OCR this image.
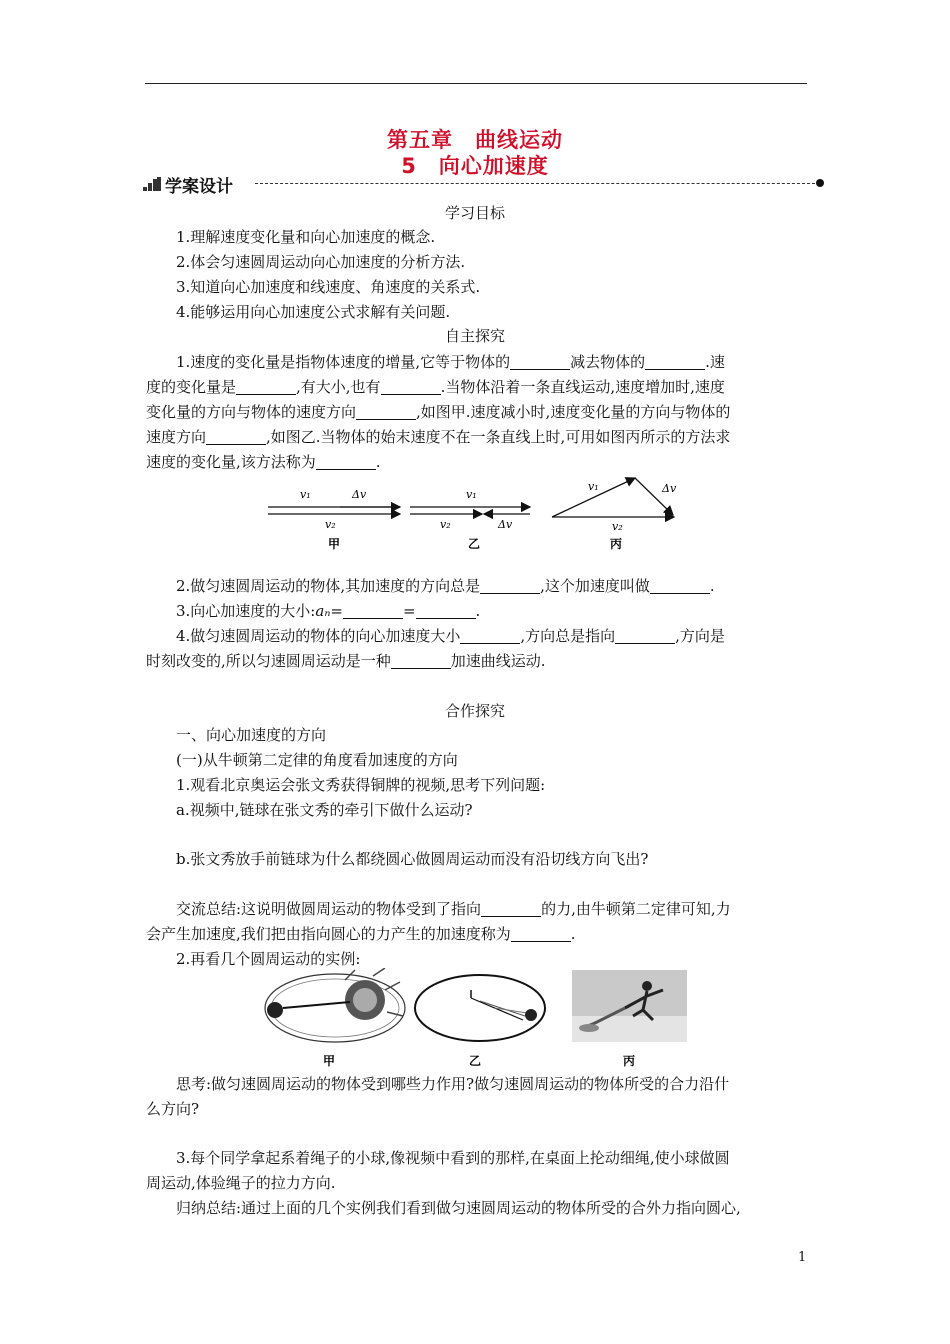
第五章　曲线运动
5　向心加速度
学案设计
学习目标
1.理解速度变化量和向心加速度的概念.
2.体会匀速圆周运动向心加速度的分析方法.
3.知道向心加速度和线速度、角速度的关系式.
4.能够运用向心加速度公式求解有关问题.
自主探究
1.速度的变化量是指物体速度的增量,它等于物体的	减去物体的	.速
度的变化量是	,有大小,也有	.当物体沿着一条直线运动,速度增加时,速度
变化量的方向与物体的速度方向	,如图甲.速度减小时,速度变化量的方向与物体的
速度方向	,如图乙.当物体的始末速度不在一条直线上时,可用如图丙所示的方法求
速度的变化量,该方法称为	.
v₁	Δv
v₂
甲
v₁
v₂	Δv
乙
v₁	Δv
v₂
丙
2.做匀速圆周运动的物体,其加速度的方向总是	,这个加速度叫做	.
3.向心加速度的大小:aₙ=	=	.
4.做匀速圆周运动的物体的向心加速度大小	,方向总是指向	,方向是
时刻改变的,所以匀速圆周运动是一种	加速曲线运动.
合作探究
一、向心加速度的方向
(一)从牛顿第二定律的角度看加速度的方向
1.观看北京奥运会张文秀获得铜牌的视频,思考下列问题:
a.视频中,链球在张文秀的牵引下做什么运动?
b.张文秀放手前链球为什么都绕圆心做圆周运动而没有沿切线方向飞出?
交流总结:这说明做圆周运动的物体受到了指向	的力,由牛顿第二定律可知,力
会产生加速度,我们把由指向圆心的力产生的加速度称为	.
2.再看几个圆周运动的实例:
甲	乙	丙
思考:做匀速圆周运动的物体受到哪些力作用?做匀速圆周运动的物体所受的合力沿什
么方向?
3.每个同学拿起系着绳子的小球,像视频中看到的那样,在桌面上抡动细绳,使小球做圆
周运动,体验绳子的拉力方向.
归纳总结:通过上面的几个实例我们看到做匀速圆周运动的物体所受的合外力指向圆心,
1
